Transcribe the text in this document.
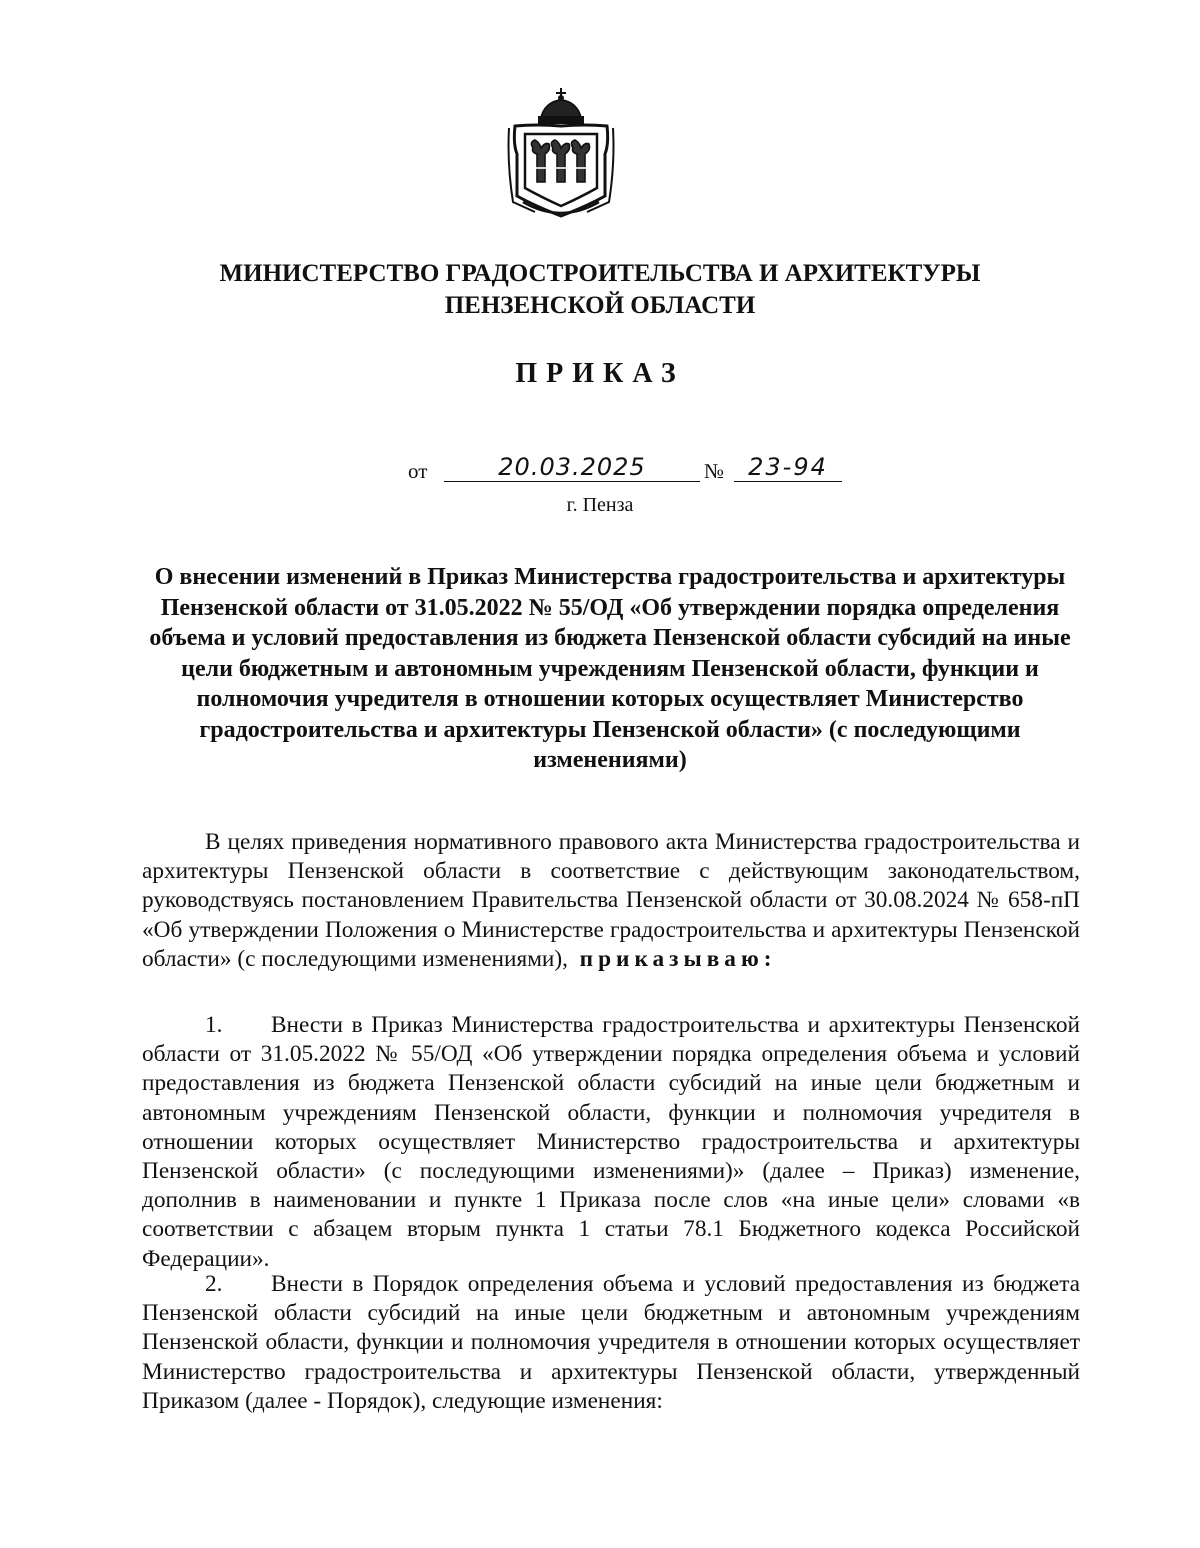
МИНИСТЕРСТВО ГРАДОСТРОИТЕЛЬСТВА И АРХИТЕКТУРЫ
ПЕНЗЕНСКОЙ ОБЛАСТИ
ПРИКАЗ
от	20.03.2025	№	23-94
г. Пенза
О внесении изменений в Приказ Министерства градостроительства и архитектуры Пензенской области от 31.05.2022 № 55/ОД «Об утверждении порядка определения объема и условий предоставления из бюджета Пензенской области субсидий на иные цели бюджетным и автономным учреждениям Пензенской области, функции и полномочия учредителя в отношении которых осуществляет Министерство градостроительства и архитектуры Пензенской области» (с последующими изменениями)

В целях приведения нормативного правового акта Министерства градостроительства и архитектуры Пензенской области в соответствие с действующим законодательством, руководствуясь постановлением Правительства Пензенской области от 30.08.2024 № 658-пП «Об утверждении Положения о Министерстве градостроительства и архитектуры Пензенской области» (с последующими изменениями), приказываю:

1. Внести в Приказ Министерства градостроительства и архитектуры Пензенской области от 31.05.2022 № 55/ОД «Об утверждении порядка определения объема и условий предоставления из бюджета Пензенской области субсидий на иные цели бюджетным и автономным учреждениям Пензенской области, функции и полномочия учредителя в отношении которых осуществляет Министерство градостроительства и архитектуры Пензенской области» (с последующими изменениями)» (далее – Приказ) изменение, дополнив в наименовании и пункте 1 Приказа после слов «на иные цели» словами «в соответствии с абзацем вторым пункта 1 статьи 78.1 Бюджетного кодекса Российской Федерации».

2. Внести в Порядок определения объема и условий предоставления из бюджета Пензенской области субсидий на иные цели бюджетным и автономным учреждениям Пензенской области, функции и полномочия учредителя в отношении которых осуществляет Министерство градостроительства и архитектуры Пензенской области, утвержденный Приказом (далее - Порядок), следующие изменения:
